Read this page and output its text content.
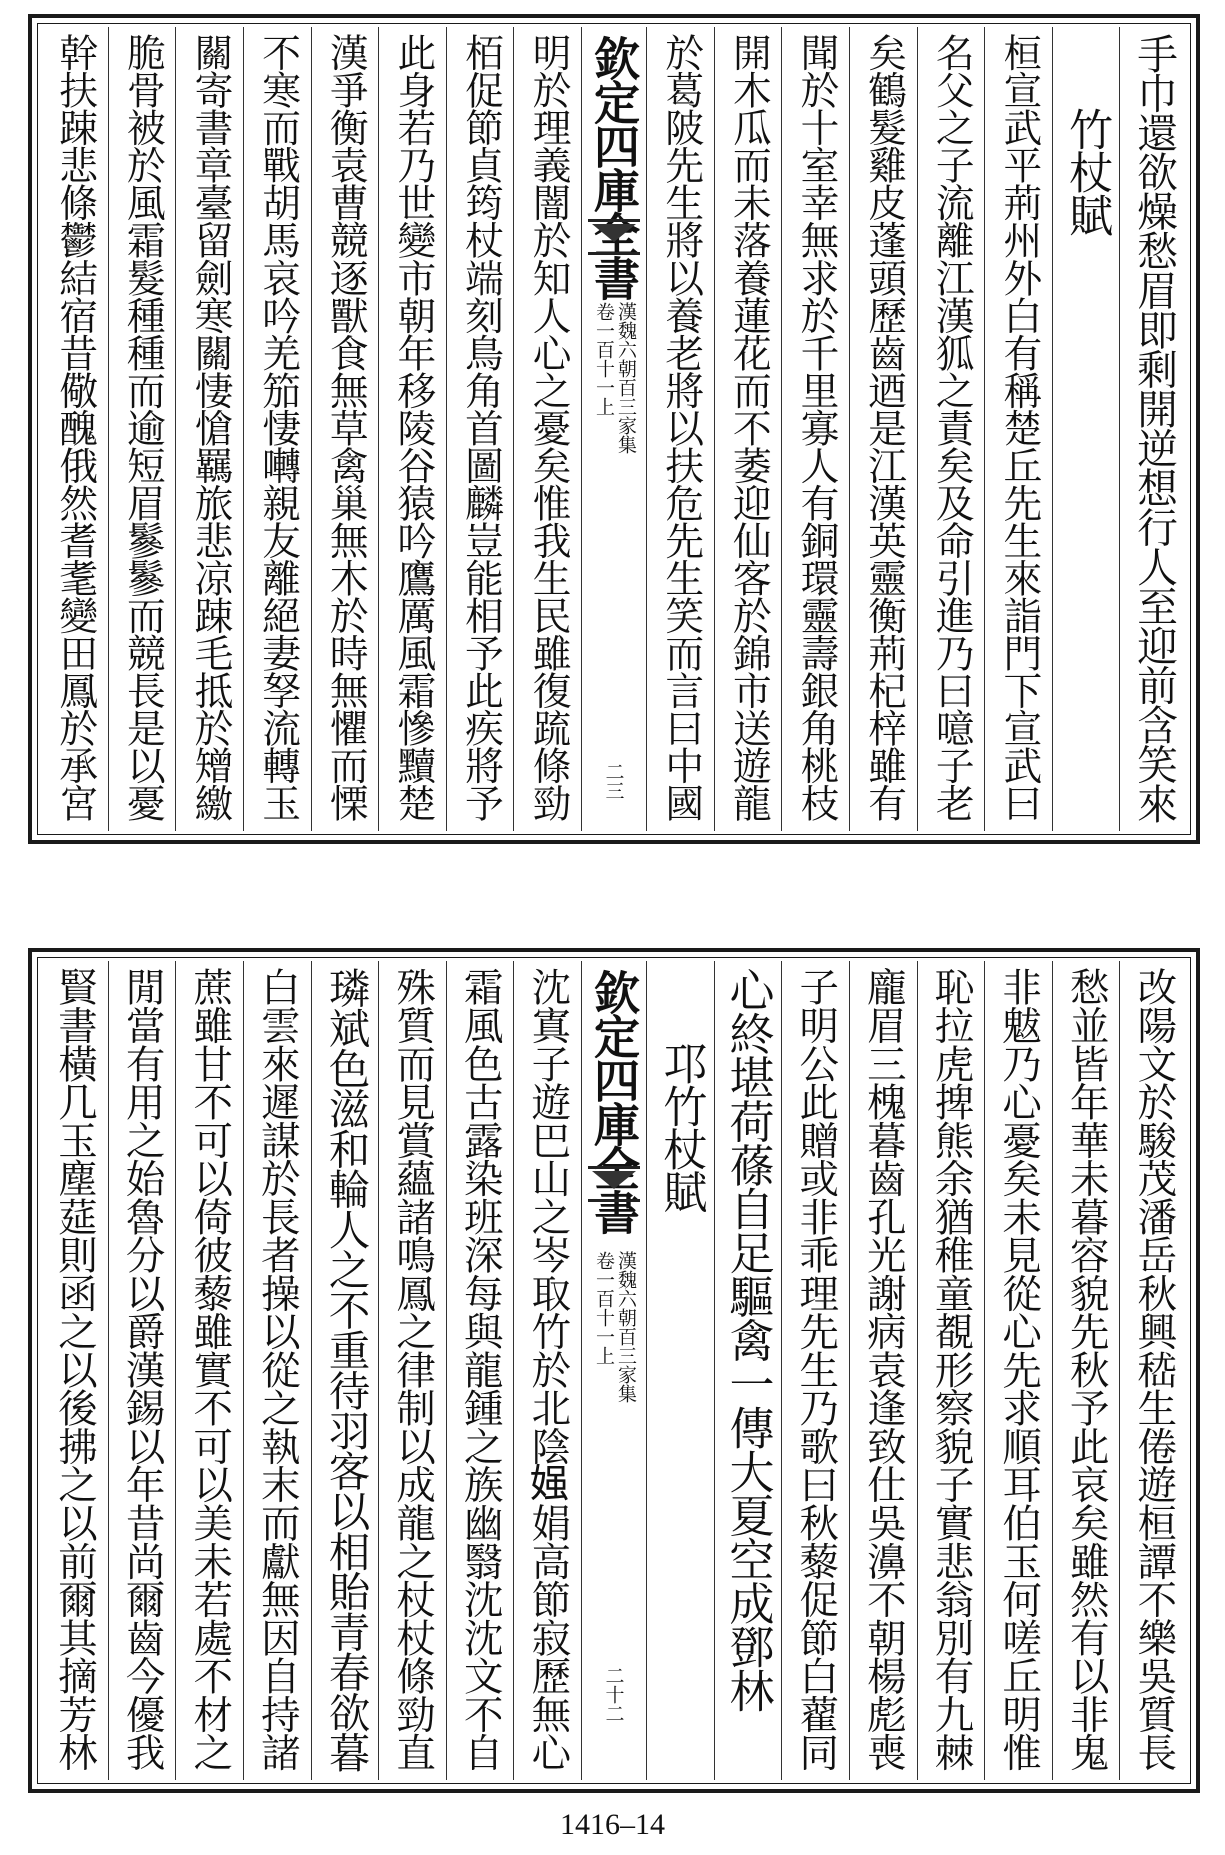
手巾還欲燥愁眉即剩開逆想行人至迎前含笑來
竹杖賦
桓宣武平荊州外白有稱楚丘先生來詣門下宣武曰
名父之子流離江漢狐之責矣及命引進乃曰噫子老
矣鶴髮雞皮蓬頭歷齒迺是江漢英靈衡荊杞梓雖有
聞於十室幸無求於千里寡人有銅環靈壽銀角桃枝
開木瓜而未落養蓮花而不萎迎仙客於錦市送遊龍
於葛陂先生將以養老將以扶危先生笑而言曰中國
欽定四庫全書
漢魏六朝百三家集
卷一百十一上
二三
明於理義闇於知人心之憂矣惟我生民雖復䟽條勁
栢促節貞筠杖端刻鳥角首圖麟豈能相予此疾將予
此身若乃世變市朝年移陵谷猿吟鷹厲風霜慘黷楚
漢爭衡袁曹競逐獸食無草禽巢無木於時無懼而慄
不寒而戰胡馬哀吟羌笳悽囀親友離絕妻孥流轉玉
關寄書章臺留劍寒關悽愴羈旅悲凉踈毛抵於矰繳
脆骨被於風霜髮種種而逾短眉鬖鬖而競長是以憂
幹扶踈悲條鬱結宿昔儆醜俄然耆耄變田鳳於承宮
改陽文於駿茂潘岳秋興嵇生倦遊桓譚不樂吳質長
愁並皆年華未暮容貌先秋予此哀矣雖然有以非鬼
非魃乃心憂矣未見從心先求順耳伯玉何嗟丘明惟
恥拉虎捭熊余猶稚童覩形察貌子實悲翁別有九棘
龐眉三槐暮齒孔光謝病袁逢致仕吳濞不朝楊彪喪
子明公此贈或非乖理先生乃歌曰秋藜促節白藋同
心終堪荷蓧自足驅禽一傳大夏空成鄧林
邛竹杖賦
欽定四庫全書
漢魏六朝百三家集
卷一百十一上
二十二
沈寘子遊巴山之岑取竹於北陰𡟎娟高節寂歷無心
霜風色古露染班深每與龍鍾之族幽翳沈沈文不自
殊質而見賞蘊諸鳴鳳之律制以成龍之杖杖條勁直
璘斌色滋和輪人之不重待羽客以相貽青春欲暮
白雲來遲謀於長者操以從之執末而獻無因自持諸
蔗雖甘不可以倚彼藜雖實不可以美未若處不材之
閒當有用之始魯分以爵漢錫以年昔尚爾齒今優我
賢書橫几玉塵莚則函之以後拂之以前爾其摘芳林
1416–14
